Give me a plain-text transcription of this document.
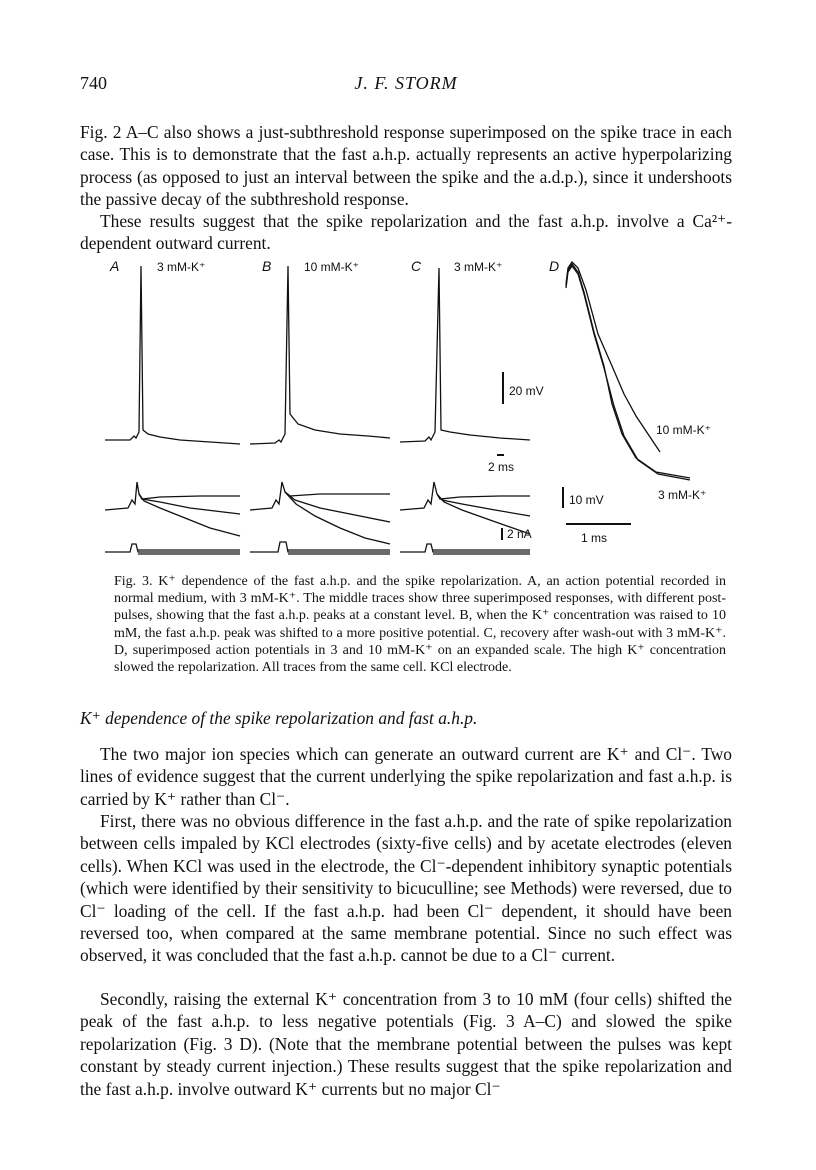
740	J. F. STORM

Fig. 2 A–C also shows a just-subthreshold response superimposed on the spike trace in each case. This is to demonstrate that the fast a.h.p. actually represents an active hyperpolarizing process (as opposed to just an interval between the spike and the a.d.p.), since it undershoots the passive decay of the subthreshold response.

These results suggest that the spike repolarization and the fast a.h.p. involve a Ca²⁺-dependent outward current.

A	B	C	D
3 mM-K⁺	10 mM-K⁺	3 mM-K⁺
20 mV
2 ms
2 nA
10 mV
1 ms
10 mM-K⁺
3 mM-K⁺

Fig. 3. K⁺ dependence of the fast a.h.p. and the spike repolarization. A, an action potential recorded in normal medium, with 3 mM-K⁺. The middle traces show three superimposed responses, with different post-pulses, showing that the fast a.h.p. peaks at a constant level. B, when the K⁺ concentration was raised to 10 mM, the fast a.h.p. peak was shifted to a more positive potential. C, recovery after wash-out with 3 mM-K⁺. D, superimposed action potentials in 3 and 10 mM-K⁺ on an expanded scale. The high K⁺ concentration slowed the repolarization. All traces from the same cell. KCl electrode.

K⁺ dependence of the spike repolarization and fast a.h.p.

The two major ion species which can generate an outward current are K⁺ and Cl⁻. Two lines of evidence suggest that the current underlying the spike repolarization and fast a.h.p. is carried by K⁺ rather than Cl⁻.

First, there was no obvious difference in the fast a.h.p. and the rate of spike repolarization between cells impaled by KCl electrodes (sixty-five cells) and by acetate electrodes (eleven cells). When KCl was used in the electrode, the Cl⁻-dependent inhibitory synaptic potentials (which were identified by their sensitivity to bicuculline; see Methods) were reversed, due to Cl⁻ loading of the cell. If the fast a.h.p. had been Cl⁻ dependent, it should have been reversed too, when compared at the same membrane potential. Since no such effect was observed, it was concluded that the fast a.h.p. cannot be due to a Cl⁻ current.

Secondly, raising the external K⁺ concentration from 3 to 10 mM (four cells) shifted the peak of the fast a.h.p. to less negative potentials (Fig. 3 A–C) and slowed the spike repolarization (Fig. 3 D). (Note that the membrane potential between the pulses was kept constant by steady current injection.) These results suggest that the spike repolarization and the fast a.h.p. involve outward K⁺ currents but no major Cl⁻
